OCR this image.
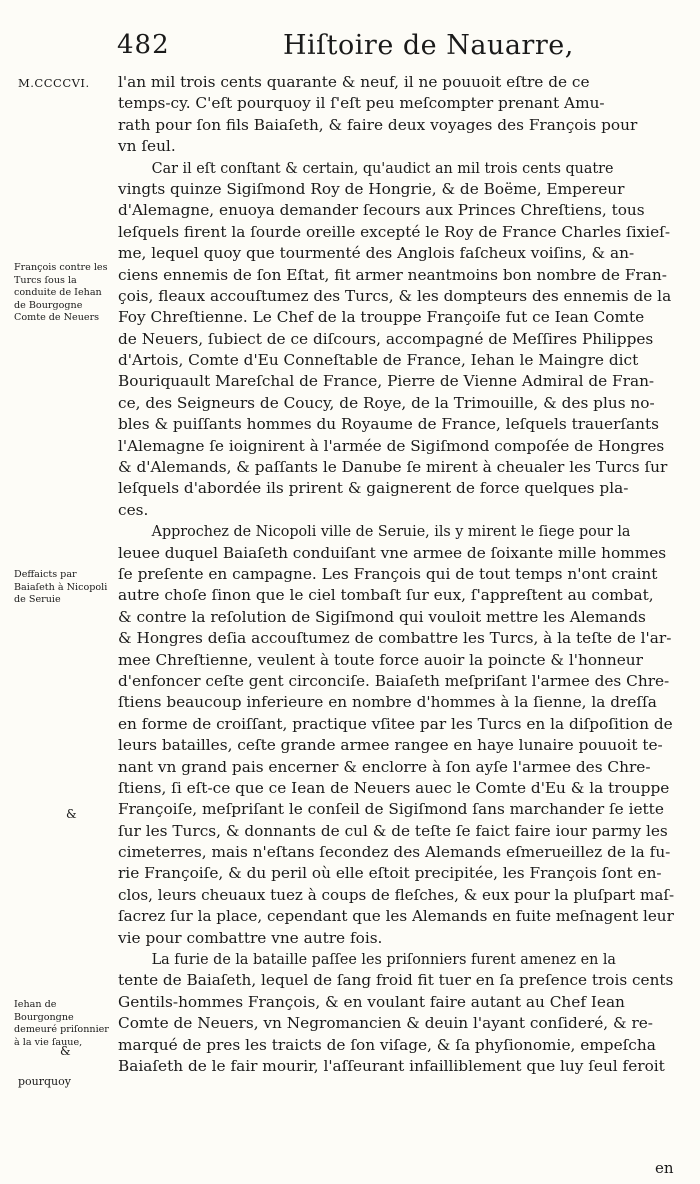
482	Hiſtoire de Nauarre,
M.CCCCVI.
François contre les Turcs ſous la conduite de Iehan de Bourgogne Comte de Neuers
Deffaicts par Baiaſeth à Nicopoli de Seruie
&
Iehan de Bourgongne demeuré priſonnier à la vie ſauue,
&
pourquoy
l'an mil trois cents quarante & neuf, il ne pouuoit eſtre de ce
temps-cy. C'eſt pourquoy il ſ'eſt peu meſcompter prenant Amu-
rath pour ſon fils Baiaſeth, & faire deux voyages des François pour
vn ſeul.
Car il eſt conſtant & certain, qu'audict an mil trois cents quatre
vingts quinze Sigiſmond Roy de Hongrie, & de Boëme, Empereur
d'Alemagne, enuoya demander ſecours aux Princes Chreſtiens, tous
leſquels firent la ſourde oreille excepté le Roy de France Charles ſixieſ-
me, lequel quoy que tourmenté des Anglois faſcheux voiſins, & an-
ciens ennemis de ſon Eſtat, fit armer neantmoins bon nombre de Fran-
çois, fleaux accouſtumez des Turcs, & les dompteurs des ennemis de la
Foy Chreſtienne. Le Chef de la trouppe Françoiſe fut ce Iean Comte
de Neuers, ſubiect de ce diſcours, accompagné de Meſſires Philippes
d'Artois, Comte d'Eu Conneſtable de France, Iehan le Maingre dict
Bouriquault Mareſchal de France, Pierre de Vienne Admiral de Fran-
ce, des Seigneurs de Coucy, de Roye, de la Trimouille, & des plus no-
bles & puiſſants hommes du Royaume de France, leſquels trauerſants
l'Alemagne ſe ioignirent à l'armée de Sigiſmond compoſée de Hongres
& d'Alemands, & paſſants le Danube ſe mirent à cheualer les Turcs ſur
leſquels d'abordée ils prirent & gaignerent de force quelques pla-
ces.
Approchez de Nicopoli ville de Seruie, ils y mirent le ſiege pour la
leuee duquel Baiaſeth conduiſant vne armee de ſoixante mille hommes
ſe preſente en campagne. Les François qui de tout temps n'ont craint
autre choſe ſinon que le ciel tombaſt ſur eux, ſ'appreſtent au combat,
& contre la reſolution de Sigiſmond qui vouloit mettre les Alemands
& Hongres deſia accouſtumez de combattre les Turcs, à la teſte de l'ar-
mee Chreſtienne, veulent à toute force auoir la poincte & l'honneur
d'enfoncer ceſte gent circonciſe. Baiaſeth meſpriſant l'armee des Chre-
ſtiens beaucoup inferieure en nombre d'hommes à la ſienne, la dreſſa
en forme de croiſſant, practique vſitee par les Turcs en la diſpoſition de
leurs batailles, ceſte grande armee rangee en haye lunaire pouuoit te-
nant vn grand pais encerner & enclorre à ſon ayſe l'armee des Chre-
ſtiens, ſi eſt-ce que ce Iean de Neuers auec le Comte d'Eu & la trouppe
Françoiſe, meſpriſant le conſeil de Sigiſmond ſans marchander ſe iette
ſur les Turcs, & donnants de cul & de teſte ſe faict faire iour parmy les
cimeterres, mais n'eſtans ſecondez des Alemands eſmerueillez de la fu-
rie Françoiſe, & du peril où elle eſtoit precipitée, les François ſont en-
clos, leurs cheuaux tuez à coups de fleſches, & eux pour la pluſpart maſ-
ſacrez ſur la place, cependant que les Alemands en fuite meſnagent leur
vie pour combattre vne autre fois.
La furie de la bataille paſſee les priſonniers furent amenez en la
tente de Baiaſeth, lequel de ſang froid fit tuer en ſa preſence trois cents
Gentils-hommes François, & en voulant faire autant au Chef Iean
Comte de Neuers, vn Negromancien & deuin l'ayant conſideré, & re-
marqué de pres les traicts de ſon viſage, & ſa phyſionomie, empeſcha
Baiaſeth de le fair mourir, l'aſſeurant infailliblement que luy ſeul feroit
en
